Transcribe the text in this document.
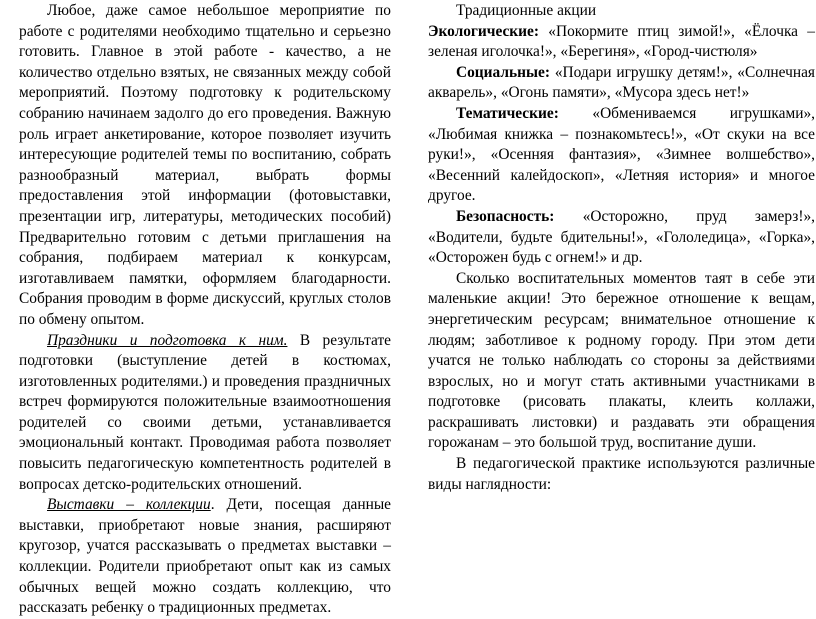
Любое, даже самое небольшое мероприятие по работе с родителями необходимо тщательно и серьезно готовить. Главное в этой работе - качество, а не количество отдельно взятых, не связанных между собой мероприятий. Поэтому подготовку к родительскому собранию начинаем задолго до его проведения. Важную роль играет анкетирование, которое позволяет изучить интересующие родителей темы по воспитанию, собрать разнообразный материал, выбрать формы предоставления этой информации (фотовыставки, презентации игр, литературы, методических пособий) Предварительно готовим с детьми приглашения на собрания, подбираем материал к конкурсам, изготавливаем памятки, оформляем благодарности. Собрания проводим в форме дискуссий, круглых столов по обмену опытом.

Праздники и подготовка к ним. В результате подготовки (выступление детей в костюмах, изготовленных родителями.) и проведения праздничных встреч формируются положительные взаимоотношения родителей со своими детьми, устанавливается эмоциональный контакт. Проводимая работа позволяет повысить педагогическую компетентность родителей в вопросах детско-родительских отношений.

Выставки – коллекции. Дети, посещая данные выставки, приобретают новые знания, расширяют кругозор, учатся рассказывать о предметах выставки – коллекции. Родители приобретают опыт как из самых обычных вещей можно создать коллекцию, что рассказать ребенку о традиционных предметах.

Традиционные акции

Экологические: «Покормите птиц зимой!», «Ёлочка – зеленая иголочка!», «Берегиня», «Город-чистюля»

Социальные: «Подари игрушку детям!», «Солнечная акварель», «Огонь памяти», «Мусора здесь нет!»

Тематические: «Обмениваемся игрушками», «Любимая книжка – познакомьтесь!», «От скуки на все руки!», «Осенняя фантазия», «Зимнее волшебство», «Весенний калейдоскоп», «Летняя история» и многое другое.

Безопасность: «Осторожно, пруд замерз!», «Водители, будьте бдительны!», «Гололедица», «Горка», «Осторожен будь с огнем!» и др.

Сколько воспитательных моментов таят в себе эти маленькие акции! Это бережное отношение к вещам, энергетическим ресурсам; внимательное отношение к людям; заботливое к родному городу. При этом дети учатся не только наблюдать со стороны за действиями взрослых, но и могут стать активными участниками в подготовке (рисовать плакаты, клеить коллажи, раскрашивать листовки) и раздавать эти обращения горожанам – это большой труд, воспитание души.

В педагогической практике используются различные виды наглядности:
